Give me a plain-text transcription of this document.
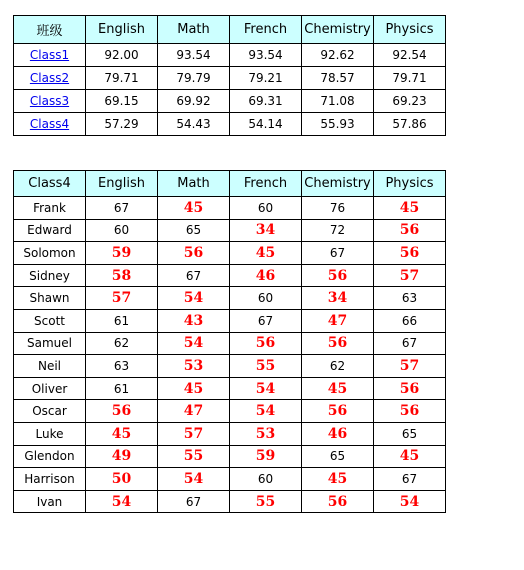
班级	English	Math	French	Chemistry	Physics
Class1	92.00	93.54	93.54	92.62	92.54
Class2	79.71	79.79	79.21	78.57	79.71
Class3	69.15	69.92	69.31	71.08	69.23
Class4	57.29	54.43	54.14	55.93	57.86
Class4	English	Math	French	Chemistry	Physics
Frank	67	45	60	76	45
Edward	60	65	34	72	56
Solomon	59	56	45	67	56
Sidney	58	67	46	56	57
Shawn	57	54	60	34	63
Scott	61	43	67	47	66
Samuel	62	54	56	56	67
Neil	63	53	55	62	57
Oliver	61	45	54	45	56
Oscar	56	47	54	56	56
Luke	45	57	53	46	65
Glendon	49	55	59	65	45
Harrison	50	54	60	45	67
Ivan	54	67	55	56	54
